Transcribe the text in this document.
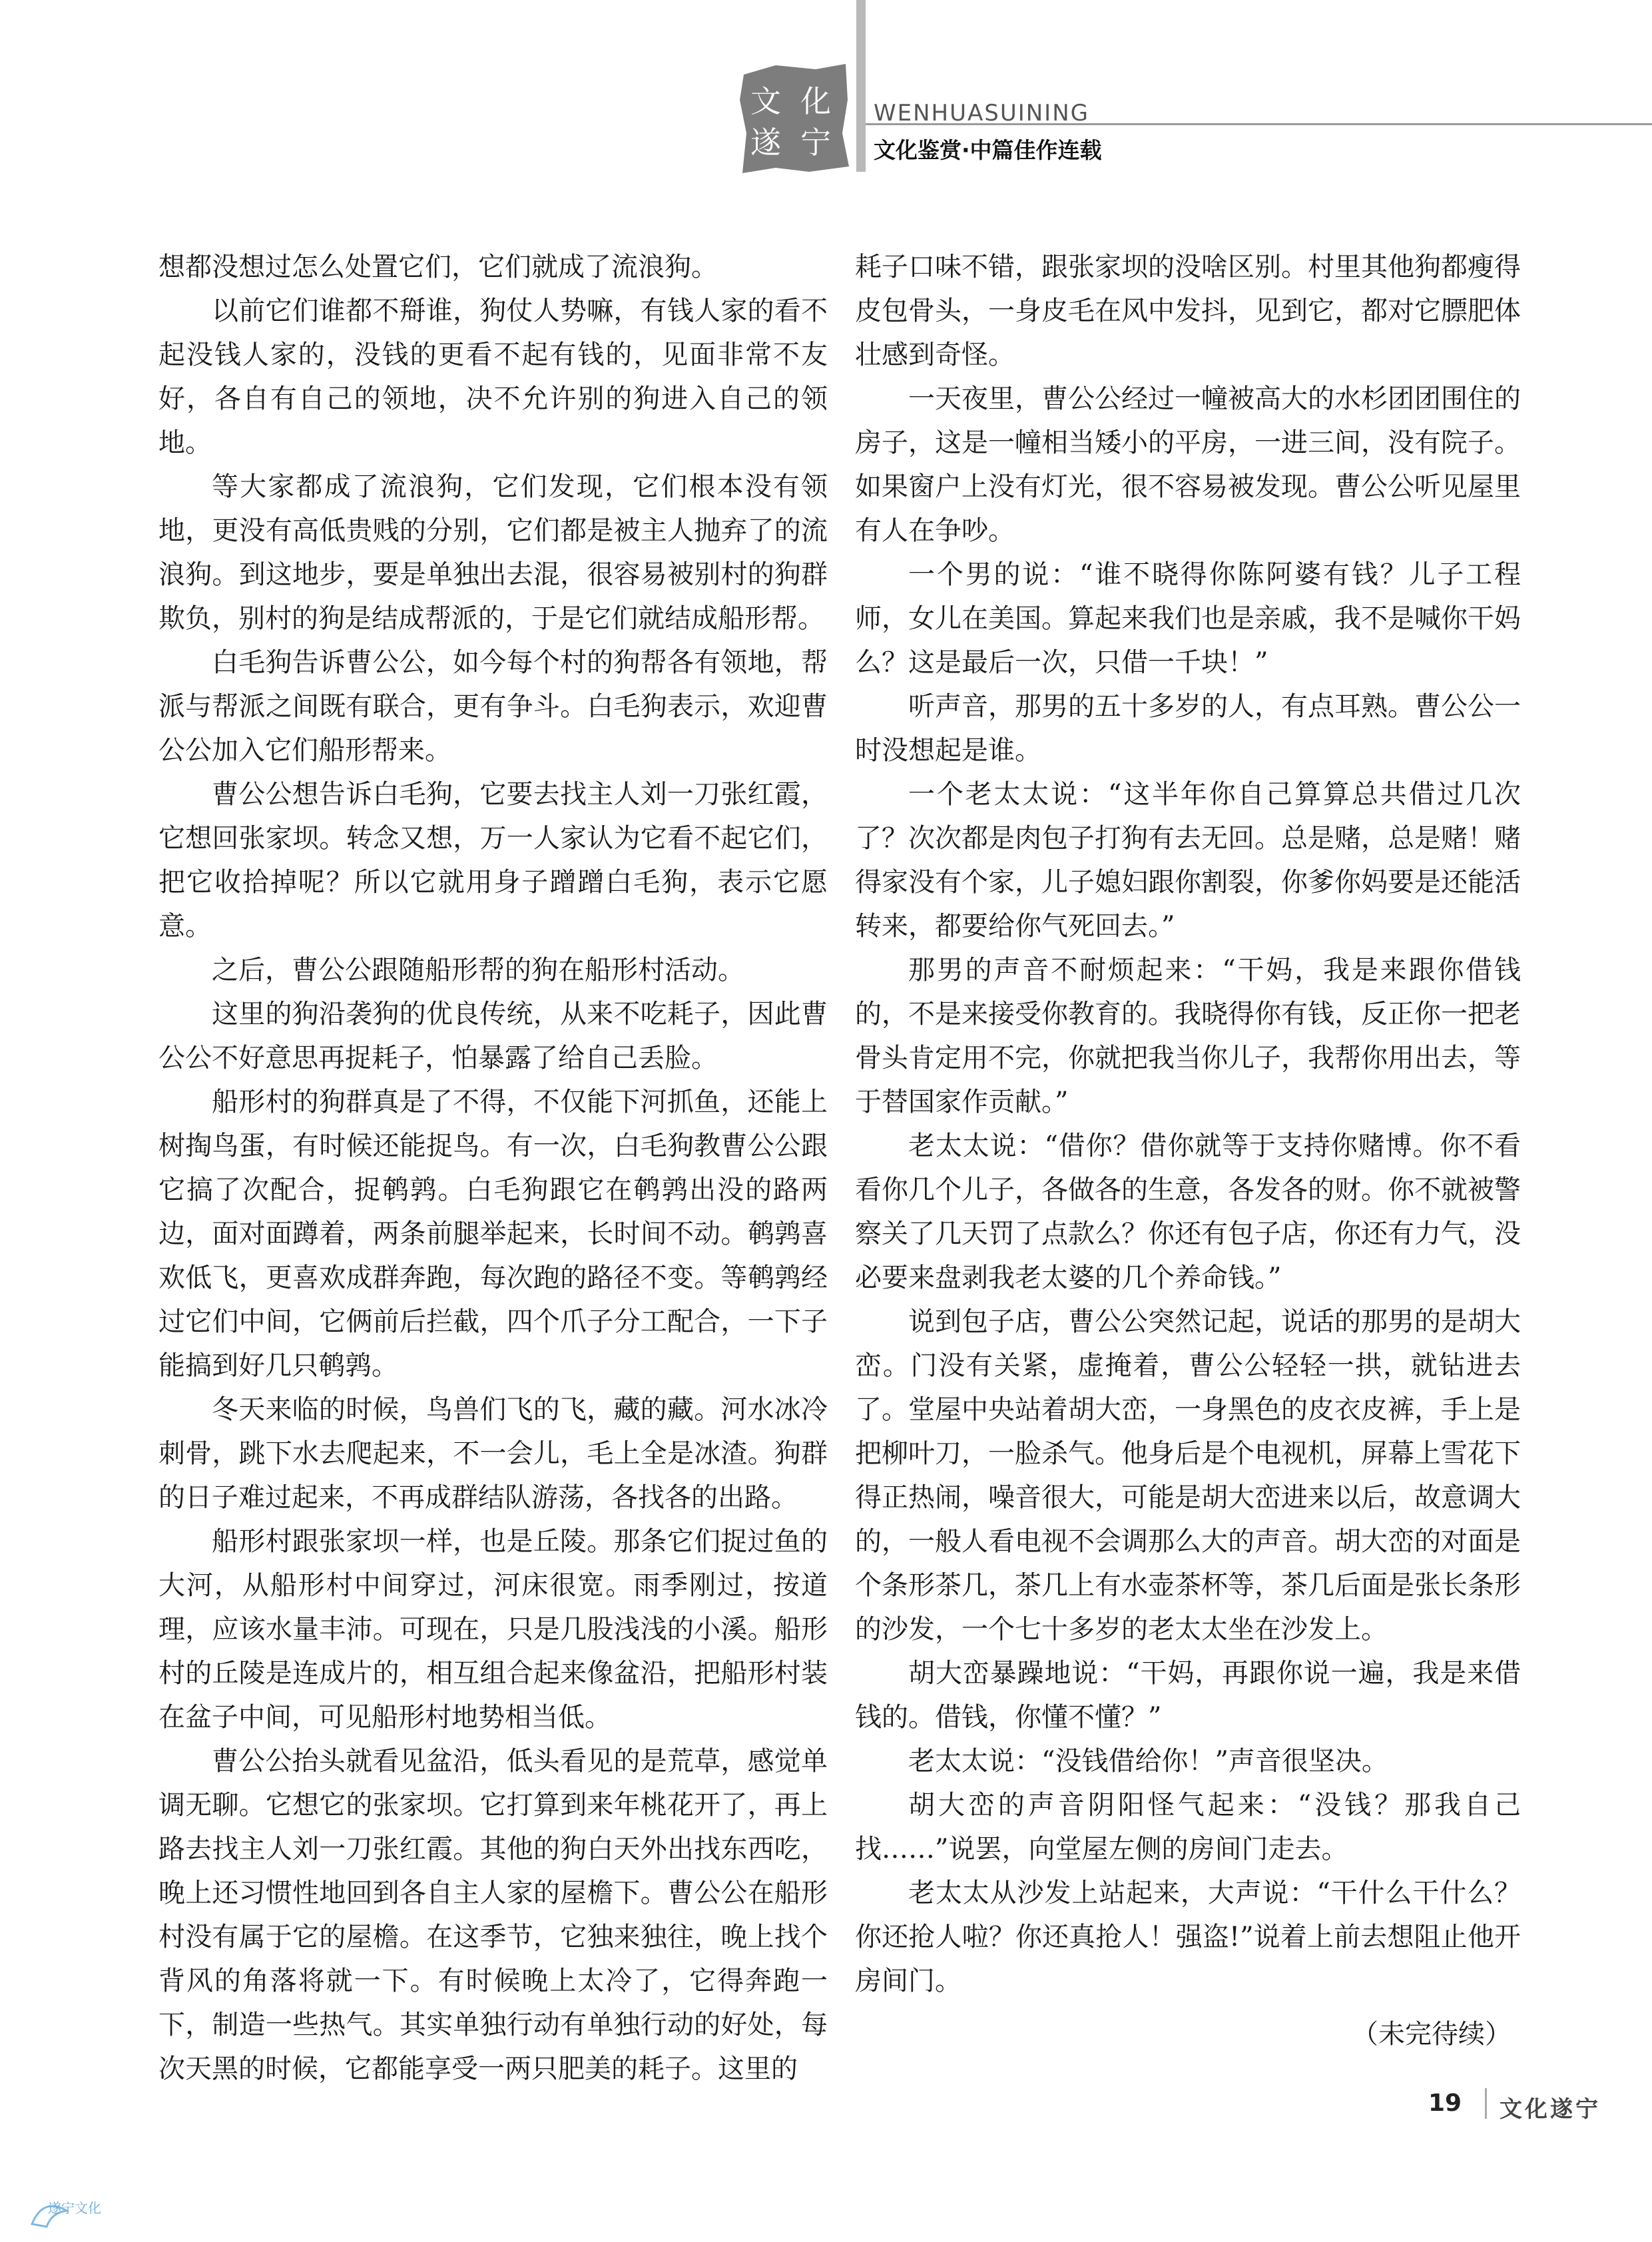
文 化
遂 宁
WENHUASUINING
文化鉴赏·中篇佳作连载

想都没想过怎么处置它们，它们就成了流浪狗。

以前它们谁都不搿谁，狗仗人势嘛，有钱人家的看不起没钱人家的，没钱的更看不起有钱的，见面非常不友好，各自有自己的领地，决不允许别的狗进入自己的领地。

等大家都成了流浪狗，它们发现，它们根本没有领地，更没有高低贵贱的分别，它们都是被主人抛弃了的流浪狗。到这地步，要是单独出去混，很容易被别村的狗群欺负，别村的狗是结成帮派的，于是它们就结成船形帮。

白毛狗告诉曹公公，如今每个村的狗帮各有领地，帮派与帮派之间既有联合，更有争斗。白毛狗表示，欢迎曹公公加入它们船形帮来。

曹公公想告诉白毛狗，它要去找主人刘一刀张红霞，它想回张家坝。转念又想，万一人家认为它看不起它们，把它收拾掉呢？所以它就用身子蹭蹭白毛狗，表示它愿意。

之后，曹公公跟随船形帮的狗在船形村活动。

这里的狗沿袭狗的优良传统，从来不吃耗子，因此曹公公不好意思再捉耗子，怕暴露了给自己丢脸。

船形村的狗群真是了不得，不仅能下河抓鱼，还能上树掏鸟蛋，有时候还能捉鸟。有一次，白毛狗教曹公公跟它搞了次配合，捉鹌鹑。白毛狗跟它在鹌鹑出没的路两边，面对面蹲着，两条前腿举起来，长时间不动。鹌鹑喜欢低飞，更喜欢成群奔跑，每次跑的路径不变。等鹌鹑经过它们中间，它俩前后拦截，四个爪子分工配合，一下子能搞到好几只鹌鹑。

冬天来临的时候，鸟兽们飞的飞，藏的藏。河水冰冷刺骨，跳下水去爬起来，不一会儿，毛上全是冰渣。狗群的日子难过起来，不再成群结队游荡，各找各的出路。

船形村跟张家坝一样，也是丘陵。那条它们捉过鱼的大河，从船形村中间穿过，河床很宽。雨季刚过，按道理，应该水量丰沛。可现在，只是几股浅浅的小溪。船形村的丘陵是连成片的，相互组合起来像盆沿，把船形村装在盆子中间，可见船形村地势相当低。

曹公公抬头就看见盆沿，低头看见的是荒草，感觉单调无聊。它想它的张家坝。它打算到来年桃花开了，再上路去找主人刘一刀张红霞。其他的狗白天外出找东西吃，晚上还习惯性地回到各自主人家的屋檐下。曹公公在船形村没有属于它的屋檐。在这季节，它独来独往，晚上找个背风的角落将就一下。有时候晚上太冷了，它得奔跑一下，制造一些热气。其实单独行动有单独行动的好处，每次天黑的时候，它都能享受一两只肥美的耗子。这里的

耗子口味不错，跟张家坝的没啥区别。村里其他狗都瘦得皮包骨头，一身皮毛在风中发抖，见到它，都对它膘肥体壮感到奇怪。

一天夜里，曹公公经过一幢被高大的水杉团团围住的房子，这是一幢相当矮小的平房，一进三间，没有院子。如果窗户上没有灯光，很不容易被发现。曹公公听见屋里有人在争吵。

一个男的说：“谁不晓得你陈阿婆有钱？儿子工程师，女儿在美国。算起来我们也是亲戚，我不是喊你干妈么？这是最后一次，只借一千块！”

听声音，那男的五十多岁的人，有点耳熟。曹公公一时没想起是谁。

一个老太太说：“这半年你自己算算总共借过几次了？次次都是肉包子打狗有去无回。总是赌，总是赌！赌得家没有个家，儿子媳妇跟你割裂，你爹你妈要是还能活转来，都要给你气死回去。”

那男的声音不耐烦起来：“干妈，我是来跟你借钱的，不是来接受你教育的。我晓得你有钱，反正你一把老骨头肯定用不完，你就把我当你儿子，我帮你用出去，等于替国家作贡献。”

老太太说：“借你？借你就等于支持你赌博。你不看看你几个儿子，各做各的生意，各发各的财。你不就被警察关了几天罚了点款么？你还有包子店，你还有力气，没必要来盘剥我老太婆的几个养命钱。”

说到包子店，曹公公突然记起，说话的那男的是胡大峦。门没有关紧，虚掩着，曹公公轻轻一拱，就钻进去了。堂屋中央站着胡大峦，一身黑色的皮衣皮裤，手上是把柳叶刀，一脸杀气。他身后是个电视机，屏幕上雪花下得正热闹，噪音很大，可能是胡大峦进来以后，故意调大的，一般人看电视不会调那么大的声音。胡大峦的对面是个条形茶几，茶几上有水壶茶杯等，茶几后面是张长条形的沙发，一个七十多岁的老太太坐在沙发上。

胡大峦暴躁地说：“干妈，再跟你说一遍，我是来借钱的。借钱，你懂不懂？”

老太太说：“没钱借给你！”声音很坚决。

胡大峦的声音阴阳怪气起来：“没钱？那我自己找……”说罢，向堂屋左侧的房间门走去。

老太太从沙发上站起来，大声说：“干什么干什么？你还抢人啦？你还真抢人！强盗!”说着上前去想阻止他开房间门。

（未完待续）

19 文化遂宁
遂宁文化
